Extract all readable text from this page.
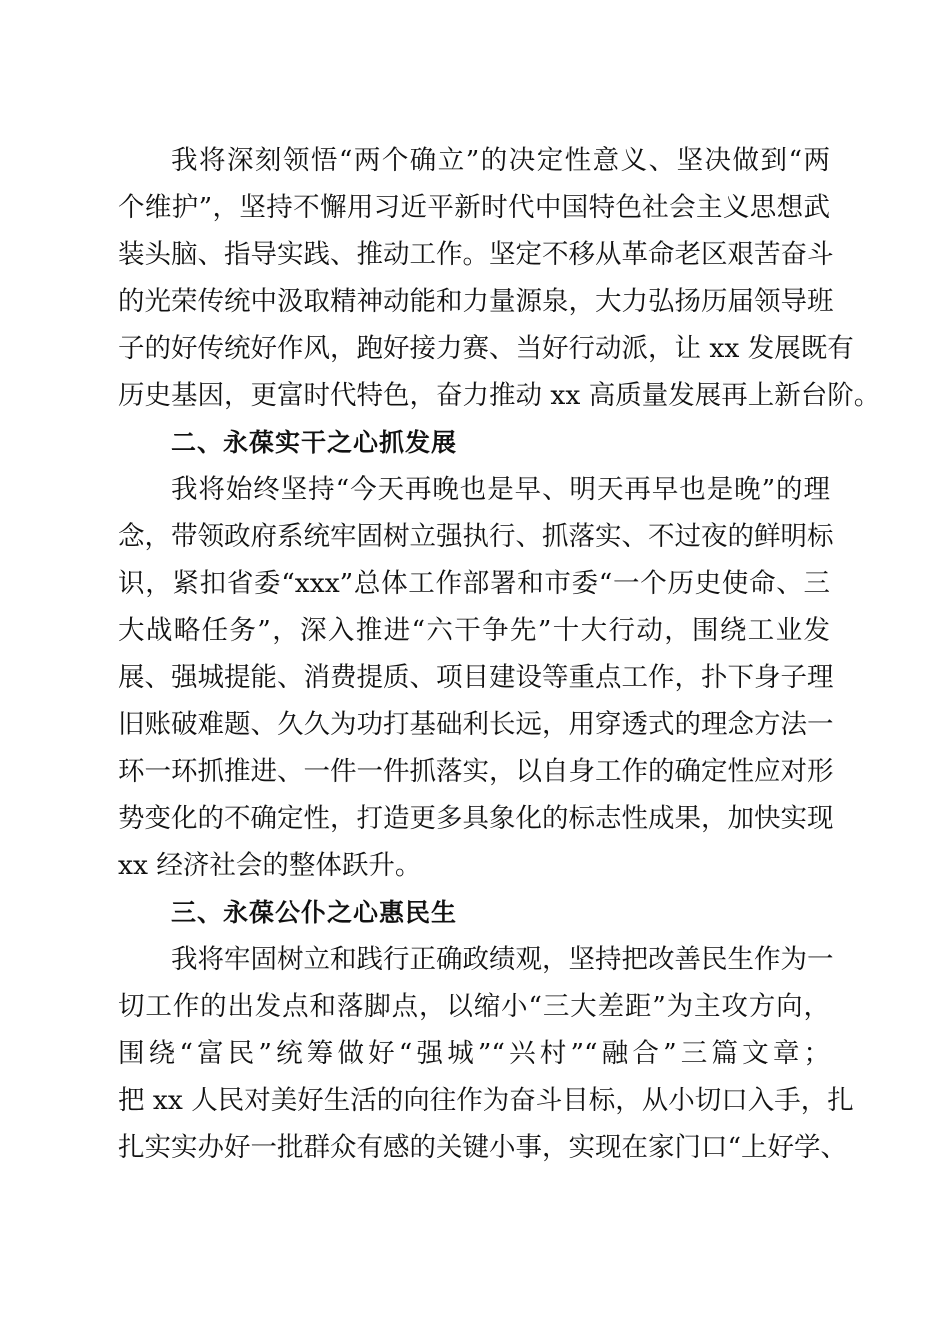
我将深刻领悟“两个确立”的决定性意义、坚决做到“两
个维护”，坚持不懈用习近平新时代中国特色社会主义思想武
装头脑、指导实践、推动工作。坚定不移从革命老区艰苦奋斗
的光荣传统中汲取精神动能和力量源泉，大力弘扬历届领导班
子的好传统好作风，跑好接力赛、当好行动派，让 xx 发展既有
历史基因，更富时代特色，奋力推动 xx 高质量发展再上新台阶。
二、永葆实干之心抓发展
我将始终坚持“今天再晚也是早、明天再早也是晚”的理
念，带领政府系统牢固树立强执行、抓落实、不过夜的鲜明标
识，紧扣省委“xxx”总体工作部署和市委“一个历史使命、三
大战略任务”，深入推进“六干争先”十大行动，围绕工业发
展、强城提能、消费提质、项目建设等重点工作，扑下身子理
旧账破难题、久久为功打基础利长远，用穿透式的理念方法一
环一环抓推进、一件一件抓落实，以自身工作的确定性应对形
势变化的不确定性，打造更多具象化的标志性成果，加快实现
xx 经济社会的整体跃升。
三、永葆公仆之心惠民生
我将牢固树立和践行正确政绩观，坚持把改善民生作为一
切工作的出发点和落脚点，以缩小“三大差距”为主攻方向，
围绕“富民”统筹做好“强城”“兴村”“融合”三篇文章；
把 xx 人民对美好生活的向往作为奋斗目标，从小切口入手，扎
扎实实办好一批群众有感的关键小事，实现在家门口“上好学、
